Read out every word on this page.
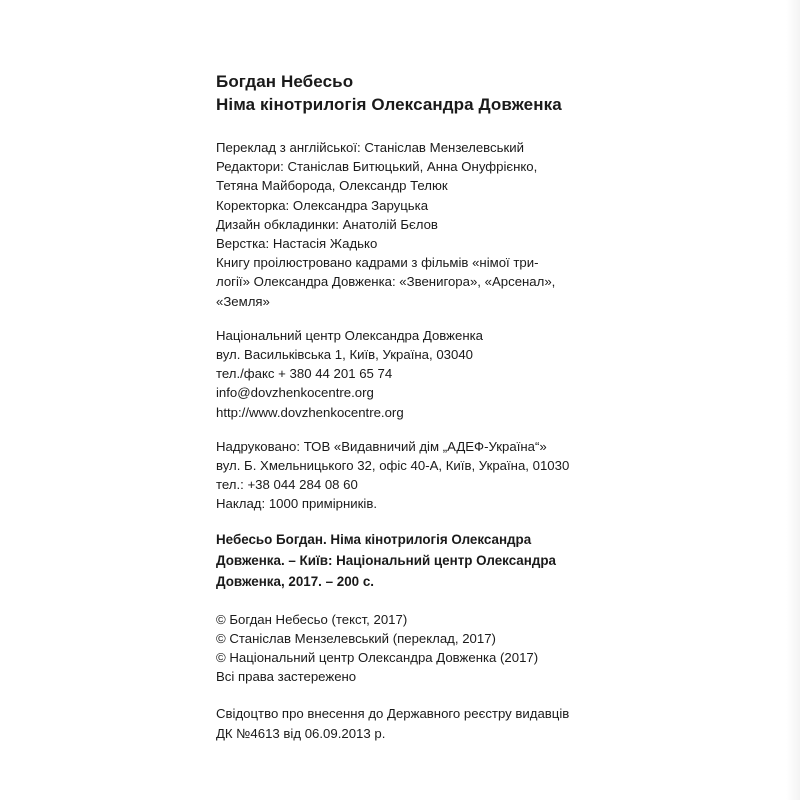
Богдан Небесьо
Німа кінотрилогія Олександра Довженка
Переклад з англійської: Станіслав Мензелевський
Редактори: Станіслав Битюцький, Анна Онуфрієнко,
Тетяна Майборода, Олександр Телюк
Коректорка: Олександра Заруцька
Дизайн обкладинки: Анатолій Бєлов
Верстка: Настасія Жадько
Книгу проілюстровано кадрами з фільмів «німої три-
логії» Олександра Довженка: «Звенигора», «Арсенал»,
«Земля»
Національний центр Олександра Довженка
вул. Васильківська 1, Київ, Україна, 03040
тел./факс + 380 44 201 65 74
info@dovzhenkocentre.org
http://www.dovzhenkocentre.org
Надруковано: ТОВ «Видавничий дім „АДЕФ-Україна“»
вул. Б. Хмельницького 32, офіс 40-А, Київ, Україна, 01030
тел.: +38 044 284 08 60
Наклад: 1000 примірників.
Небесьо Богдан. Німа кінотрилогія Олександра
Довженка. – Київ: Національний центр Олександра
Довженка, 2017. – 200 с.
© Богдан Небесьо (текст, 2017)
© Станіслав Мензелевський (переклад, 2017)
© Національний центр Олександра Довженка (2017)
Всі права застережено
Свідоцтво про внесення до Державного реєстру видавців
ДК №4613 від 06.09.2013 р.
